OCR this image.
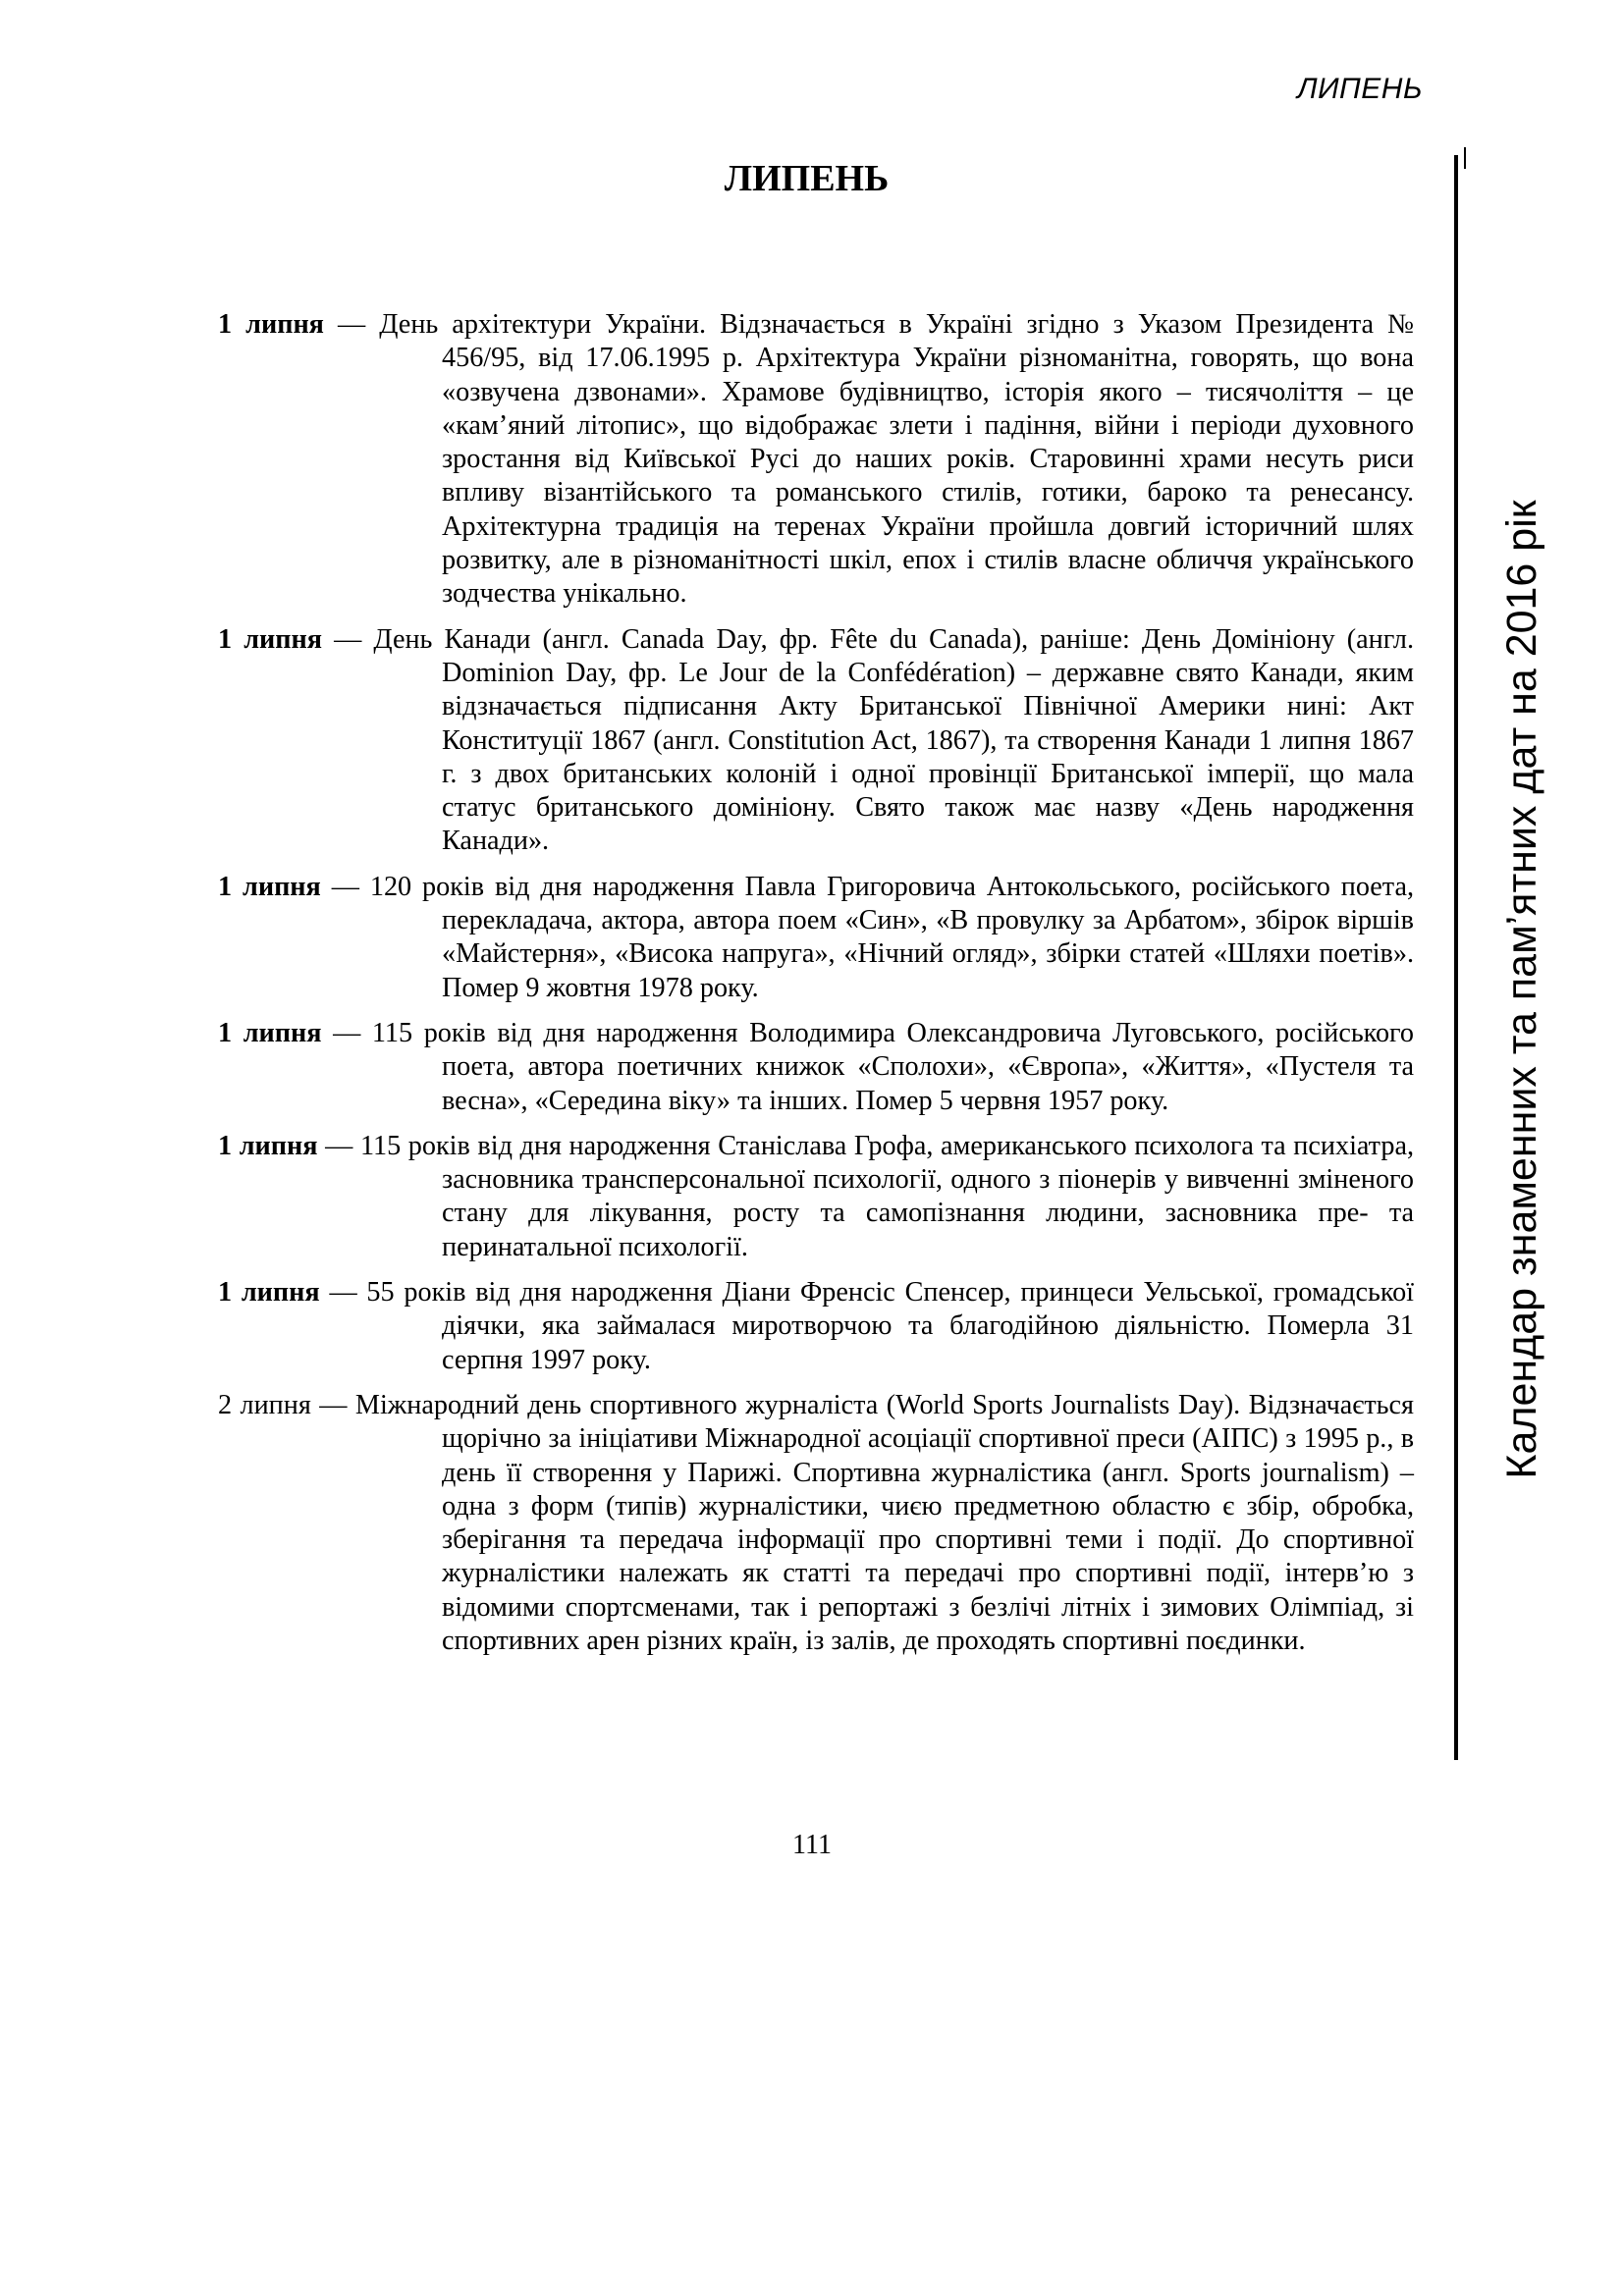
ЛИПЕНЬ
ЛИПЕНЬ
Календар знаменних та пам’ятних дат на 2016 рік

1 липня — День архітектури України. Відзначається в Україні згідно з Указом Президента № 456/95, від 17.06.1995 р. Архітектура України різноманітна, говорять, що вона «озвучена дзвонами». Храмове будівництво, історія якого – тисячоліття – це «кам’яний літопис», що відображає злети і падіння, війни і періоди духовного зростання від Київської Русі до наших років. Старовинні храми несуть риси впливу візантійського та романського стилів, готики, бароко та ренесансу. Архітектурна традиція на теренах України пройшла довгий історичний шлях розвитку, але в різноманітності шкіл, епох і стилів власне обличчя українського зодчества унікально.

1 липня — День Канади (англ. Canada Day, фр. Fête du Canada), раніше: День Домініону (англ. Dominion Day, фр. Le Jour de la Confédération) – державне свято Канади, яким відзначається підписання Акту Британської Північної Америки нині: Акт Конституції 1867 (англ. Constitution Act, 1867), та створення Канади 1 липня 1867 г. з двох британських колоній і одної провінції Британської імперії, що мала статус британського домініону. Свято також має назву «День народження Канади».

1 липня — 120 років від дня народження Павла Григоровича Антокольського, російського поета, перекладача, актора, автора поем «Син», «В провулку за Арбатом», збірок віршів «Майстерня», «Висока напруга», «Нічний огляд», збірки статей «Шляхи поетів». Помер 9 жовтня 1978 року.

1 липня — 115 років від дня народження Володимира Олександровича Луговського, російського поета, автора поетичних книжок «Сполохи», «Європа», «Життя», «Пустеля та весна», «Середина віку» та інших. Помер 5 червня 1957 року.

1 липня — 115 років від дня народження Станіслава Грофа, американського психолога та психіатра, засновника трансперсональної психології, одного з піонерів у вивченні зміненого стану для лікування, росту та самопізнання людини, засновника пре- та перинатальної психології.

1 липня — 55 років від дня народження Діани Френсіс Спенсер, принцеси Уельської, громадської діячки, яка займалася миротворчою та благодійною діяльністю. Померла 31 серпня 1997 року.

2 липня — Міжнародний день спортивного журналіста (World Sports Journalists Day). Відзначається щорічно за ініціативи Міжнародної асоціації спортивної преси (АІПС) з 1995 р., в день її створення у Парижі. Спортивна журналістика (англ. Sports journalism) – одна з форм (типів) журналістики, чиєю предметною областю є збір, обробка, зберігання та передача інформації про спортивні теми і події. До спортивної журналістики належать як статті та передачі про спортивні події, інтерв’ю з відомими спортсменами, так і репортажі з безлічі літніх і зимових Олімпіад, зі спортивних арен різних країн, із залів, де проходять спортивні поєдинки.

111
